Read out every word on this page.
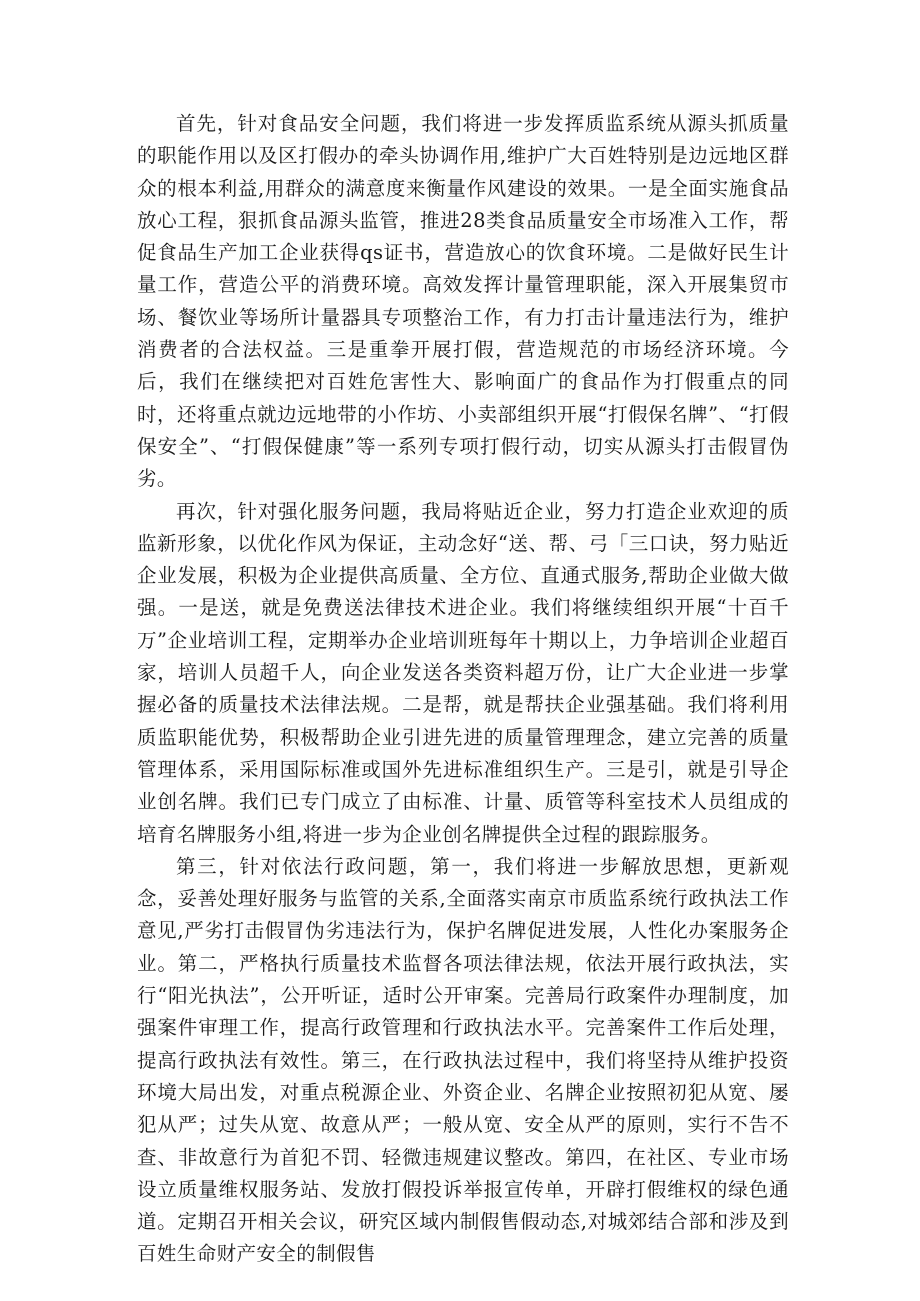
首先，针对食品安全问题，我们将进一步发挥质监系统从源头抓质量的职能作用以及区打假办的牵头协调作用,维护广大百姓特别是边远地区群众的根本利益,用群众的满意度来衡量作风建设的效果。一是全面实施食品放心工程，狠抓食品源头监管，推进28类食品质量安全市场准入工作，帮促食品生产加工企业获得qs证书，营造放心的饮食环境。二是做好民生计量工作，营造公平的消费环境。高效发挥计量管理职能，深入开展集贸市场、餐饮业等场所计量器具专项整治工作，有力打击计量违法行为，维护消费者的合法权益。三是重拳开展打假，营造规范的市场经济环境。今后，我们在继续把对百姓危害性大、影响面广的食品作为打假重点的同时，还将重点就边远地带的小作坊、小卖部组织开展“打假保名牌”、“打假保安全”、“打假保健康”等一系列专项打假行动，切实从源头打击假冒伪劣。

再次，针对强化服务问题，我局将贴近企业，努力打造企业欢迎的质监新形象，以优化作风为保证，主动念好“送、帮、弓「三口诀，努力贴近企业发展，积极为企业提供高质量、全方位、直通式服务,帮助企业做大做强。一是送，就是免费送法律技术进企业。我们将继续组织开展“十百千万”企业培训工程，定期举办企业培训班每年十期以上，力争培训企业超百家，培训人员超千人，向企业发送各类资料超万份，让广大企业进一步掌握必备的质量技术法律法规。二是帮，就是帮扶企业强基础。我们将利用质监职能优势，积极帮助企业引进先进的质量管理理念，建立完善的质量管理体系，采用国际标准或国外先进标准组织生产。三是引，就是引导企业创名牌。我们已专门成立了由标准、计量、质管等科室技术人员组成的培育名牌服务小组,将进一步为企业创名牌提供全过程的跟踪服务。

第三，针对依法行政问题，第一，我们将进一步解放思想，更新观念，妥善处理好服务与监管的关系,全面落实南京市质监系统行政执法工作意见,严劣打击假冒伪劣违法行为，保护名牌促进发展，人性化办案服务企业。第二，严格执行质量技术监督各项法律法规，依法开展行政执法，实行“阳光执法”，公开听证，适时公开审案。完善局行政案件办理制度，加强案件审理工作，提高行政管理和行政执法水平。完善案件工作后处理，提高行政执法有效性。第三，在行政执法过程中，我们将坚持从维护投资环境大局出发，对重点税源企业、外资企业、名牌企业按照初犯从宽、屡犯从严；过失从宽、故意从严；一般从宽、安全从严的原则，实行不告不查、非故意行为首犯不罚、轻微违规建议整改。第四，在社区、专业市场设立质量维权服务站、发放打假投诉举报宣传单，开辟打假维权的绿色通道。定期召开相关会议，研究区域内制假售假动态,对城郊结合部和涉及到百姓生命财产安全的制假售
